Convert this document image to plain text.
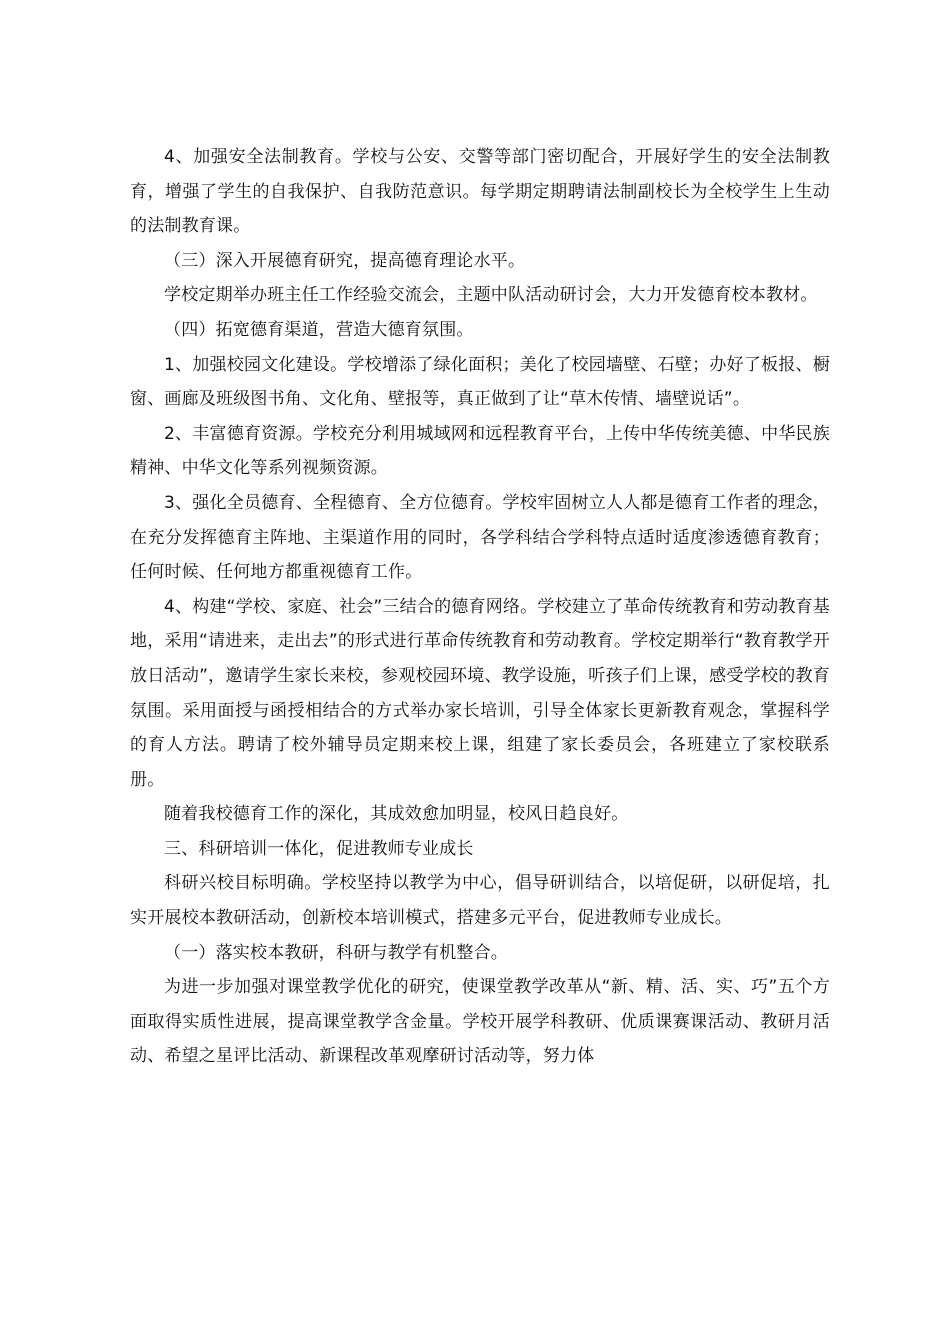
4、加强安全法制教育。学校与公安、交警等部门密切配合，开展好学生的安全法制教育，增强了学生的自我保护、自我防范意识。每学期定期聘请法制副校长为全校学生上生动的法制教育课。

（三）深入开展德育研究，提高德育理论水平。

学校定期举办班主任工作经验交流会，主题中队活动研讨会，大力开发德育校本教材。

（四）拓宽德育渠道，营造大德育氛围。

1、加强校园文化建设。学校增添了绿化面积；美化了校园墙壁、石壁；办好了板报、橱窗、画廊及班级图书角、文化角、壁报等，真正做到了让“草木传情、墙壁说话”。

2、丰富德育资源。学校充分利用城域网和远程教育平台，上传中华传统美德、中华民族精神、中华文化等系列视频资源。

3、强化全员德育、全程德育、全方位德育。学校牢固树立人人都是德育工作者的理念，在充分发挥德育主阵地、主渠道作用的同时，各学科结合学科特点适时适度渗透德育教育；任何时候、任何地方都重视德育工作。

4、构建“学校、家庭、社会”三结合的德育网络。学校建立了革命传统教育和劳动教育基地，采用“请进来，走出去”的形式进行革命传统教育和劳动教育。学校定期举行“教育教学开放日活动”，邀请学生家长来校，参观校园环境、教学设施，听孩子们上课，感受学校的教育氛围。采用面授与函授相结合的方式举办家长培训，引导全体家长更新教育观念，掌握科学的育人方法。聘请了校外辅导员定期来校上课，组建了家长委员会，各班建立了家校联系册。

随着我校德育工作的深化，其成效愈加明显，校风日趋良好。

三、科研培训一体化，促进教师专业成长

科研兴校目标明确。学校坚持以教学为中心，倡导研训结合，以培促研，以研促培，扎实开展校本教研活动，创新校本培训模式，搭建多元平台，促进教师专业成长。

（一）落实校本教研，科研与教学有机整合。

为进一步加强对课堂教学优化的研究，使课堂教学改革从“新、精、活、实、巧”五个方面取得实质性进展，提高课堂教学含金量。学校开展学科教研、优质课赛课活动、教研月活动、希望之星评比活动、新课程改革观摩研讨活动等，努力体
